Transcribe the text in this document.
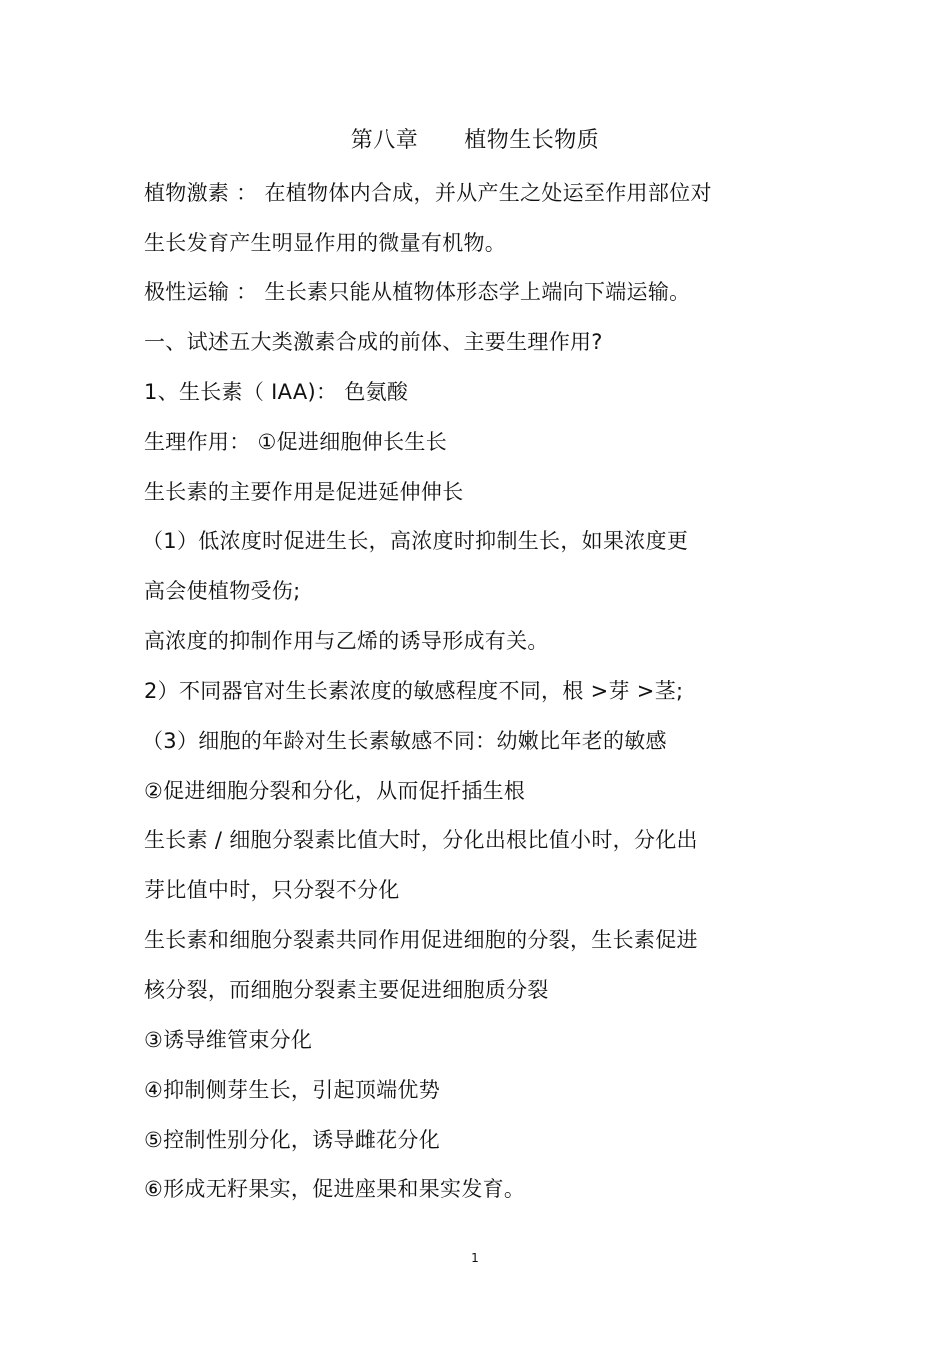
第八章 植物生长物质
植物激素 ： 在植物体内合成，并从产生之处运至作用部位对
生长发育产生明显作用的微量有机物。
极性运输 ： 生长素只能从植物体形态学上端向下端运输。
一、试述五大类激素合成的前体、主要生理作用?
1、生长素（ IAA)： 色氨酸
生理作用： ①促进细胞伸长生长
生长素的主要作用是促进延伸伸长
（1）低浓度时促进生长，高浓度时抑制生长，如果浓度更
高会使植物受伤;
高浓度的抑制作用与乙烯的诱导形成有关。
2）不同器官对生长素浓度的敏感程度不同，根 >芽 >茎;
（3）细胞的年龄对生长素敏感不同：幼嫩比年老的敏感
②促进细胞分裂和分化，从而促扦插生根
生长素 / 细胞分裂素比值大时，分化出根比值小时，分化出
芽比值中时，只分裂不分化
生长素和细胞分裂素共同作用促进细胞的分裂，生长素促进
核分裂，而细胞分裂素主要促进细胞质分裂
③诱导维管束分化
④抑制侧芽生长，引起顶端优势
⑤控制性别分化，诱导雌花分化
⑥形成无籽果实，促进座果和果实发育。
1
